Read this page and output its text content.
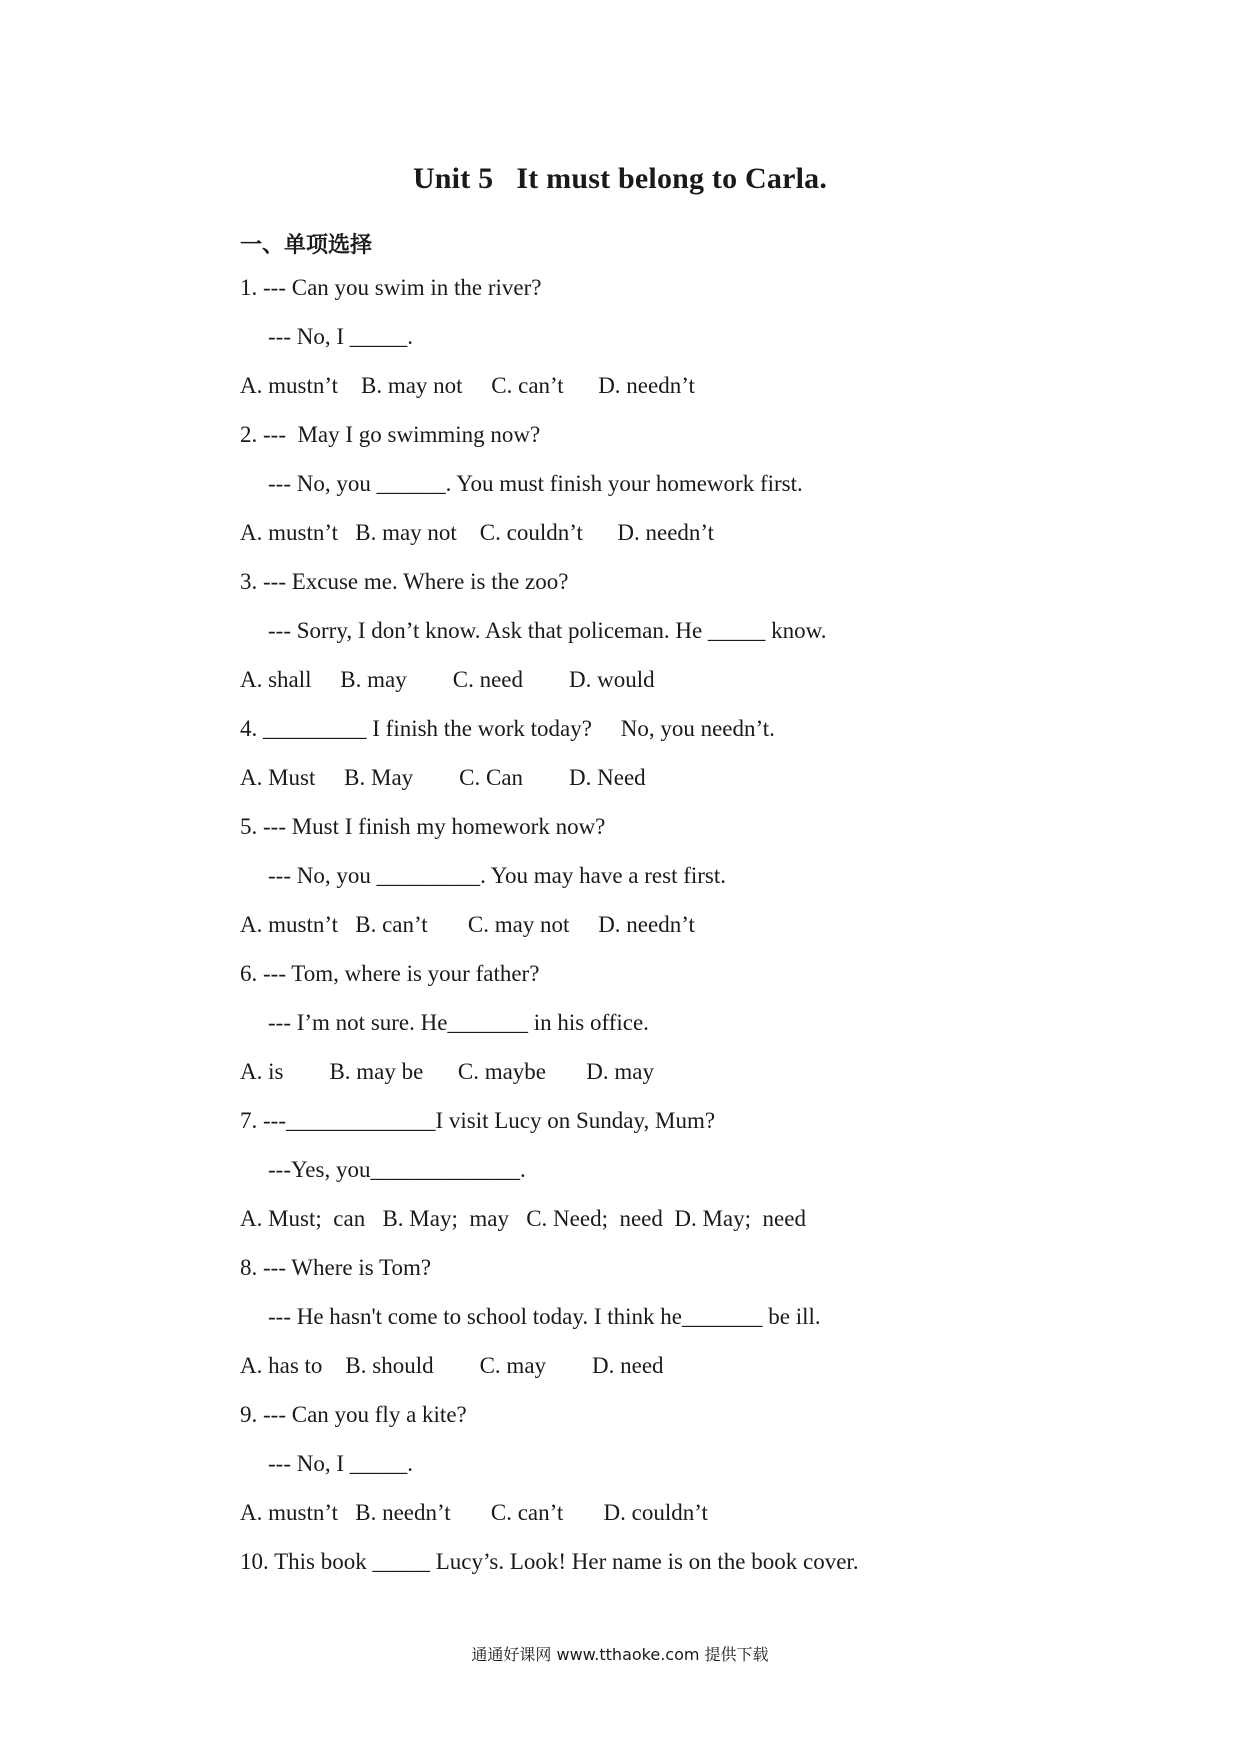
Unit 5   It must belong to Carla.
一、单项选择
1. --- Can you swim in the river?
--- No, I _____.
A. mustn’t    B. may not     C. can’t      D. needn’t
2. ---  May I go swimming now?
--- No, you ______. You must finish your homework first.
A. mustn’t   B. may not    C. couldn’t      D. needn’t
3. --- Excuse me. Where is the zoo?
--- Sorry, I don’t know. Ask that policeman. He _____ know.
A. shall     B. may        C. need        D. would
4. _________ I finish the work today?     No, you needn’t.
A. Must     B. May        C. Can        D. Need
5. --- Must I finish my homework now?
--- No, you _________. You may have a rest first.
A. mustn’t   B. can’t       C. may not     D. needn’t
6. --- Tom, where is your father?
--- I’m not sure. He_______ in his office.
A. is        B. may be      C. maybe       D. may
7. ---_____________I visit Lucy on Sunday, Mum?
---Yes, you_____________.
A. Must;  can   B. May;  may   C. Need;  need  D. May;  need
8. --- Where is Tom?
--- He hasn't come to school today. I think he_______ be ill.
A. has to    B. should        C. may        D. need
9. --- Can you fly a kite?
--- No, I _____.
A. mustn’t   B. needn’t       C. can’t       D. couldn’t
10. This book _____ Lucy’s. Look! Her name is on the book cover.
通通好课网 www.tthaoke.com 提供下载
